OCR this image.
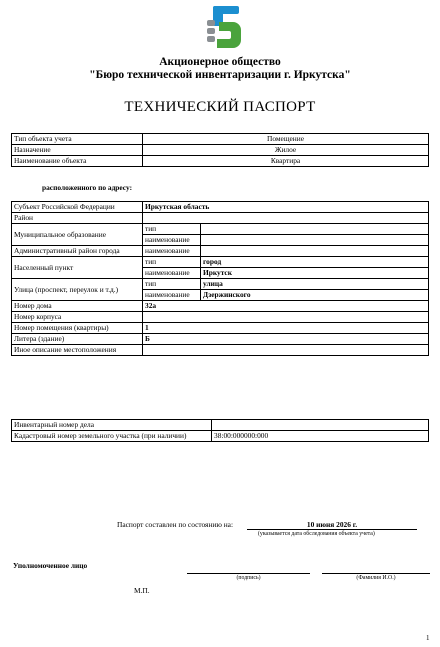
Акционерное общество
"Бюро технической инвентаризации г. Иркутска"
ТЕХНИЧЕСКИЙ ПАСПОРТ
Тип объекта учета	Помещение
Назначение	Жилое
Наименование объекта	Квартира
расположенного по адресу:
Субъект Российской Федерации	Иркутская область	
Район		
Муниципальное образование	тип	
	наименование	
Административный район города	наименование	
Населенный пункт	тип	город
	наименование	Иркутск
Улица (проспект, переулок и т.д.)	тип	улица
	наименование	Дзержинского
Номер дома	32а	
Номер корпуса		
Номер помещения (квартиры)	1	
Литера (здание)	Б	
Иное описание местоположения		
Инвентарный номер дела	
Кадастровый номер земельного участка (при наличии)	38:00:000000:000
Паспорт составлен по состоянию на:	10 июня 2026 г.
(указывается дата обследования объекта учета)
Уполномоченное лицо
(подпись)	(Фамилия И.О.)
М.П.
1
